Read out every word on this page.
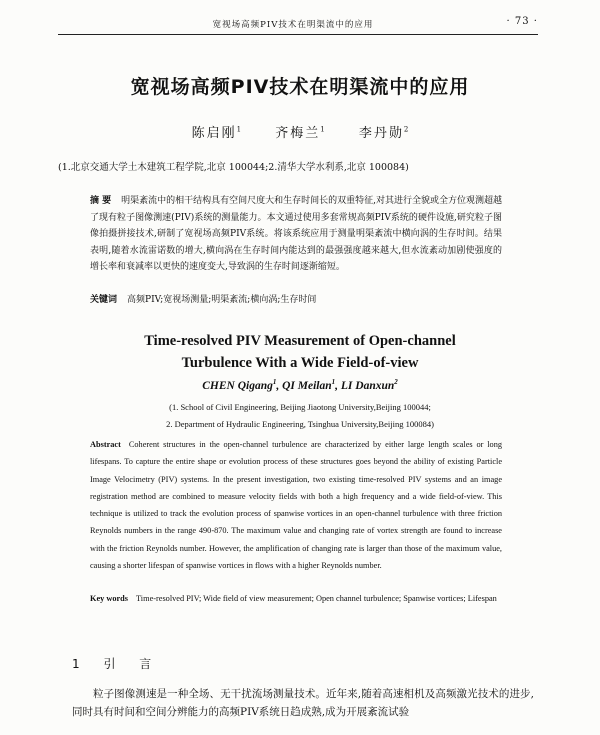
宽视场高频PIV技术在明渠流中的应用	· 73 ·
宽视场高频PIV技术在明渠流中的应用
陈启刚$^1$	齐梅兰$^1$	李丹勋$^2$
(1.北京交通大学土木建筑工程学院,北京 100044;2.清华大学水利系,北京 100084)
摘 要 明渠紊流中的相干结构具有空间尺度大和生存时间长的双重特征,对其进行全貌或全方位观测超越了现有粒子图像测速(PIV)系统的测量能力。本文通过使用多套常规高频PIV系统的硬件设施,研究粒子图像拍摄拼接技术,研制了宽视场高频PIV系统。将该系统应用于测量明渠紊流中横向涡的生存时间。结果表明,随着水流雷诺数的增大,横向涡在生存时间内能达到的最强强度越来越大,但水流紊动加剧使强度的增长率和衰减率以更快的速度变大,导致涡的生存时间逐渐缩短。
关键词 高频PIV;宽视场测量;明渠紊流;横向涡;生存时间
Time-resolved PIV Measurement of Open-channel
Turbulence With a Wide Field-of-view
CHEN Qigang$^1$, QI Meilan$^1$, LI Danxun$^2$
(1. School of Civil Engineering, Beijing Jiaotong University,Beijing 100044;
2. Department of Hydraulic Engineering, Tsinghua University,Beijing 100084)
Abstract Coherent structures in the open-channel turbulence are characterized by either large length scales or long lifespans. To capture the entire shape or evolution process of these structures goes beyond the ability of existing Particle Image Velocimetry (PIV) systems. In the present investigation, two existing time-resolved PIV systems and an image registration method are combined to measure velocity fields with both a high frequency and a wide field-of-view. This technique is utilized to track the evolution process of spanwise vortices in an open-channel turbulence with three friction Reynolds numbers in the range 490-870. The maximum value and changing rate of vortex strength are found to increase with the friction Reynolds number. However, the amplification of changing rate is larger than those of the maximum value, causing a shorter lifespan of spanwise vortices in flows with a higher Reynolds number.
Key words Time-resolved PIV; Wide field of view measurement; Open channel turbulence; Spanwise vortices; Lifespan
1 引 言
粒子图像测速是一种全场、无干扰流场测量技术。近年来,随着高速相机及高频激光技术的进步,同时具有时间和空间分辨能力的高频PIV系统日趋成熟,成为开展紊流试验
